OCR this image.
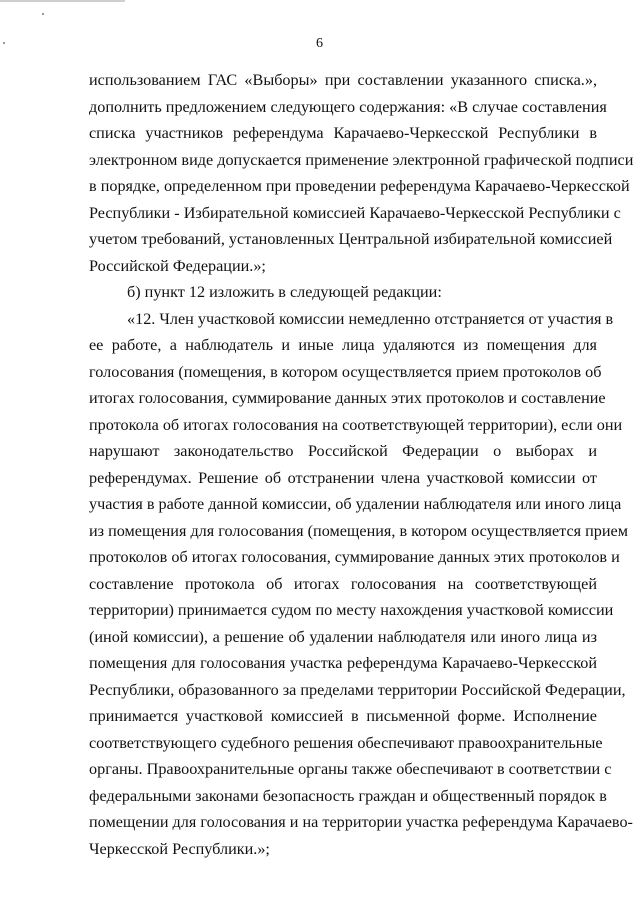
6
использованием ГАС «Выборы» при составлении указанного списка.»,
дополнить предложением следующего содержания: «В случае составления
списка участников референдума Карачаево-Черкесской Республики в
электронном виде допускается применение электронной графической подписи
в порядке, определенном при проведении референдума Карачаево-Черкесской
Республики - Избирательной комиссией Карачаево-Черкесской Республики с
учетом требований, установленных Центральной избирательной комиссией
Российской Федерации.»;
б) пункт 12 изложить в следующей редакции:
«12. Член участковой комиссии немедленно отстраняется от участия в
ее работе, а наблюдатель и иные лица удаляются из помещения для
голосования (помещения, в котором осуществляется прием протоколов об
итогах голосования, суммирование данных этих протоколов и составление
протокола об итогах голосования на соответствующей территории), если они
нарушают законодательство Российской Федерации о выборах и
референдумах. Решение об отстранении члена участковой комиссии от
участия в работе данной комиссии, об удалении наблюдателя или иного лица
из помещения для голосования (помещения, в котором осуществляется прием
протоколов об итогах голосования, суммирование данных этих протоколов и
составление протокола об итогах голосования на соответствующей
территории) принимается судом по месту нахождения участковой комиссии
(иной комиссии), а решение об удалении наблюдателя или иного лица из
помещения для голосования участка референдума Карачаево-Черкесской
Республики, образованного за пределами территории Российской Федерации,
принимается участковой комиссией в письменной форме. Исполнение
соответствующего судебного решения обеспечивают правоохранительные
органы. Правоохранительные органы также обеспечивают в соответствии с
федеральными законами безопасность граждан и общественный порядок в
помещении для голосования и на территории участка референдума Карачаево-
Черкесской Республики.»;
